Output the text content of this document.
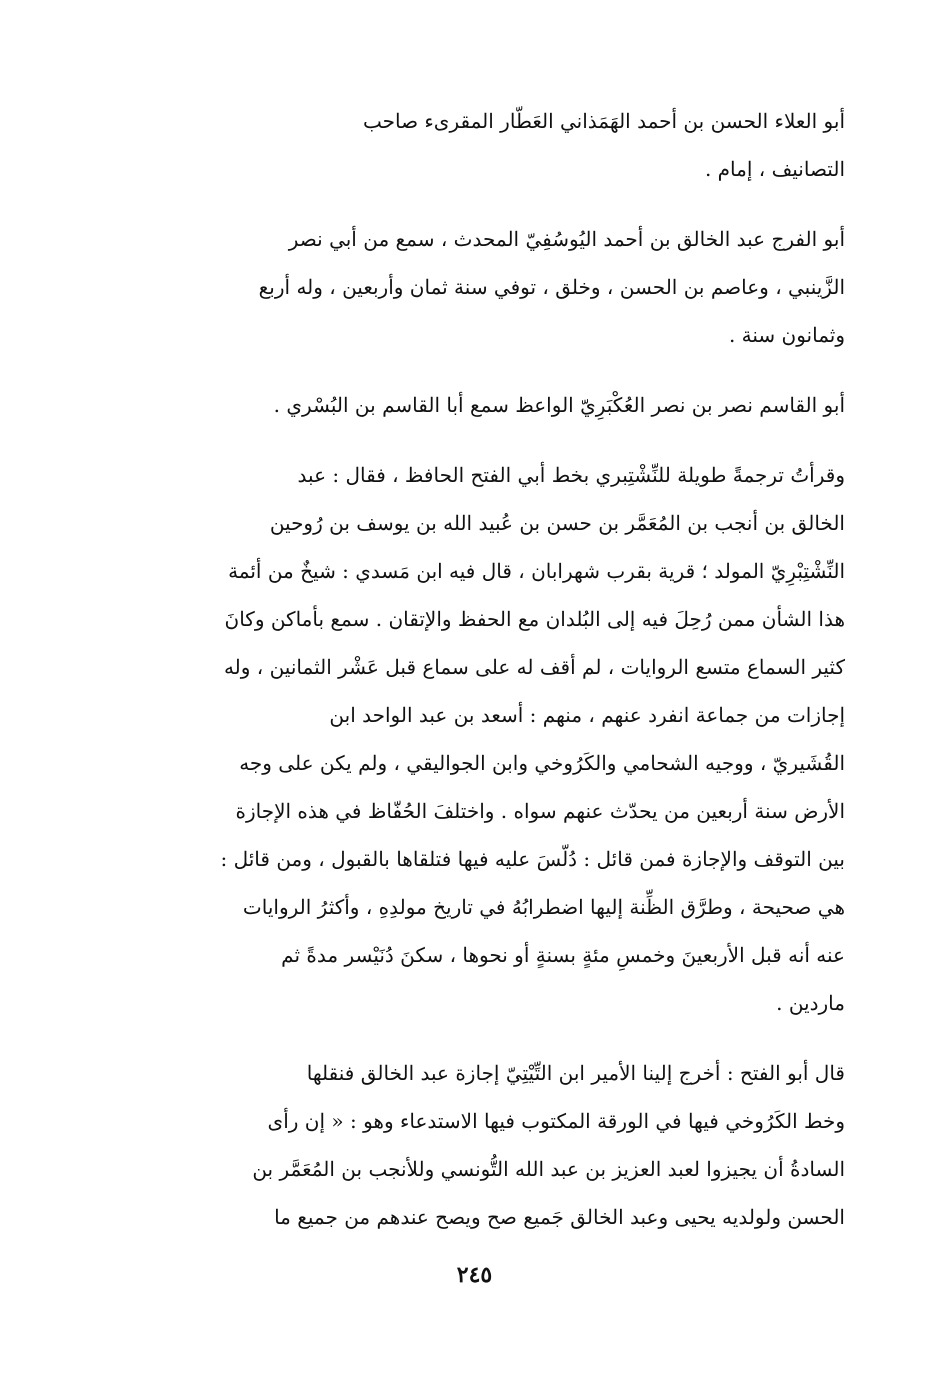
أبو العلاء الحسن بن أحمد الهَمَذاني العَطّار المقرىء صاحب
التصانيف ، إمام .

أبو الفرج عبد الخالق بن أحمد اليُوسُفِيّ المحدث ، سمع من أبي نصر
الزَّينبي ، وعاصم بن الحسن ، وخلق ، توفي سنة ثمان وأربعين ، وله أربع
وثمانون سنة .

أبو القاسم نصر بن نصر العُكْبَرِيّ الواعظ سمع أبا القاسم بن البُسْري .

وقرأتُ ترجمةً طويلة للنِّشْتِبري بخط أبي الفتح الحافظ ، فقال : عبد
الخالق بن أنجب بن المُعَمَّر بن حسن بن عُبيد الله بن يوسف بن رُوحين
النِّشْتِبْرِيّ المولد ؛ قرية بقرب شهرابان ، قال فيه ابن مَسدي : شيخٌ من أئمة
هذا الشأن ممن رُحِلَ فيه إلى البُلدان مع الحفظ والإتقان . سمع بأماكن وكانَ
كثير السماع متسع الروايات ، لم أقف له على سماع قبل عَشْر الثمانين ، وله
إجازات من جماعة انفرد عنهم ، منهم : أسعد بن عبد الواحد ابن
القُشَيريّ ، ووجيه الشحامي والكَرُوخي وابن الجواليقي ، ولم يكن على وجه
الأرض سنة أربعين من يحدّث عنهم سواه . واختلفَ الحُفّاظ في هذه الإجازة
بين التوقف والإجازة فمن قائل : دُلّسَ عليه فيها فتلقاها بالقبول ، ومن قائل :
هي صحيحة ، وطرَّق الظِّنة إليها اضطرابُهُ في تاريخ مولدِهِ ، وأكثرُ الروايات
عنه أنه قبل الأربعينَ وخمسِ مئةٍ بسنةٍ أو نحوها ، سكنَ دُنَيْسر مدةً ثم
ماردين .

قال أبو الفتح : أخرج إلينا الأمير ابن التِّيْتِيّ إجازة عبد الخالق فنقلها
وخط الكَرُوخي فيها في الورقة المكتوب فيها الاستدعاء وهو : « إن رأى
السادةُ أن يجيزوا لعبد العزيز بن عبد الله التُّونسي وللأنجب بن المُعَمَّر بن
الحسن ولولديه يحيى وعبد الخالق جَميع صح ويصح عندهم من جميع ما

٢٤٥
